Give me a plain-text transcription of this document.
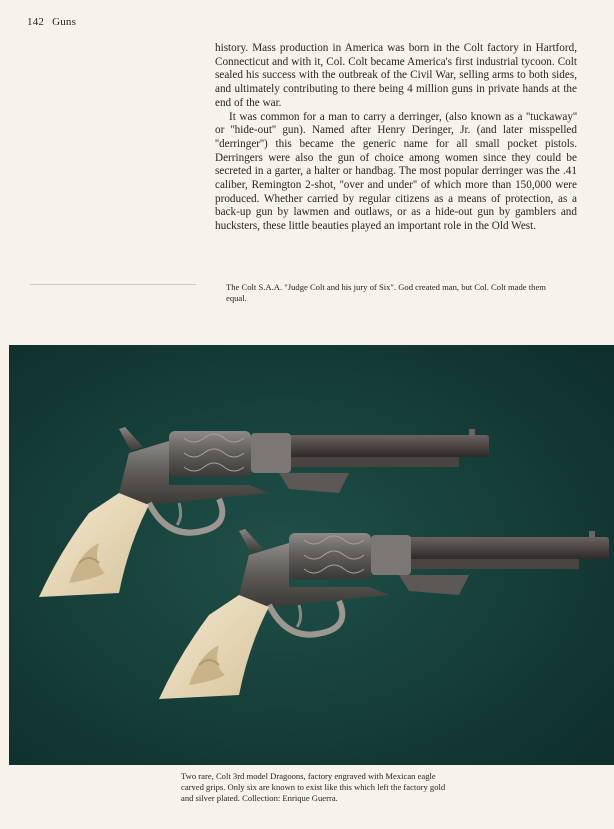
142 Guns

history. Mass production in America was born in the Colt factory in Hartford, Connecticut and with it, Col. Colt became America's first industrial tycoon. Colt sealed his success with the outbreak of the Civil War, selling arms to both sides, and ultimately contributing to there being 4 million guns in private hands at the end of the war.

It was common for a man to carry a derringer, (also known as a ''tuckaway'' or ''hide-out'' gun). Named after Henry Deringer, Jr. (and later misspelled ''derringer'') this became the generic name for all small pocket pistols. Derringers were also the gun of choice among women since they could be secreted in a garter, a halter or handbag. The most popular derringer was the .41 caliber, Remington 2-shot, ''over and under'' of which more than 150,000 were produced. Whether carried by regular citizens as a means of protection, as a back-up gun by lawmen and outlaws, or as a hide-out gun by gamblers and hucksters, these little beauties played an important role in the Old West.

The Colt S.A.A. "Judge Colt and his jury of Six". God created man, but Col. Colt made them equal.
Two rare, Colt 3rd model Dragoons, factory engraved with Mexican eagle carved grips. Only six are known to exist like this which left the factory gold and silver plated. Collection: Enrique Guerra.
